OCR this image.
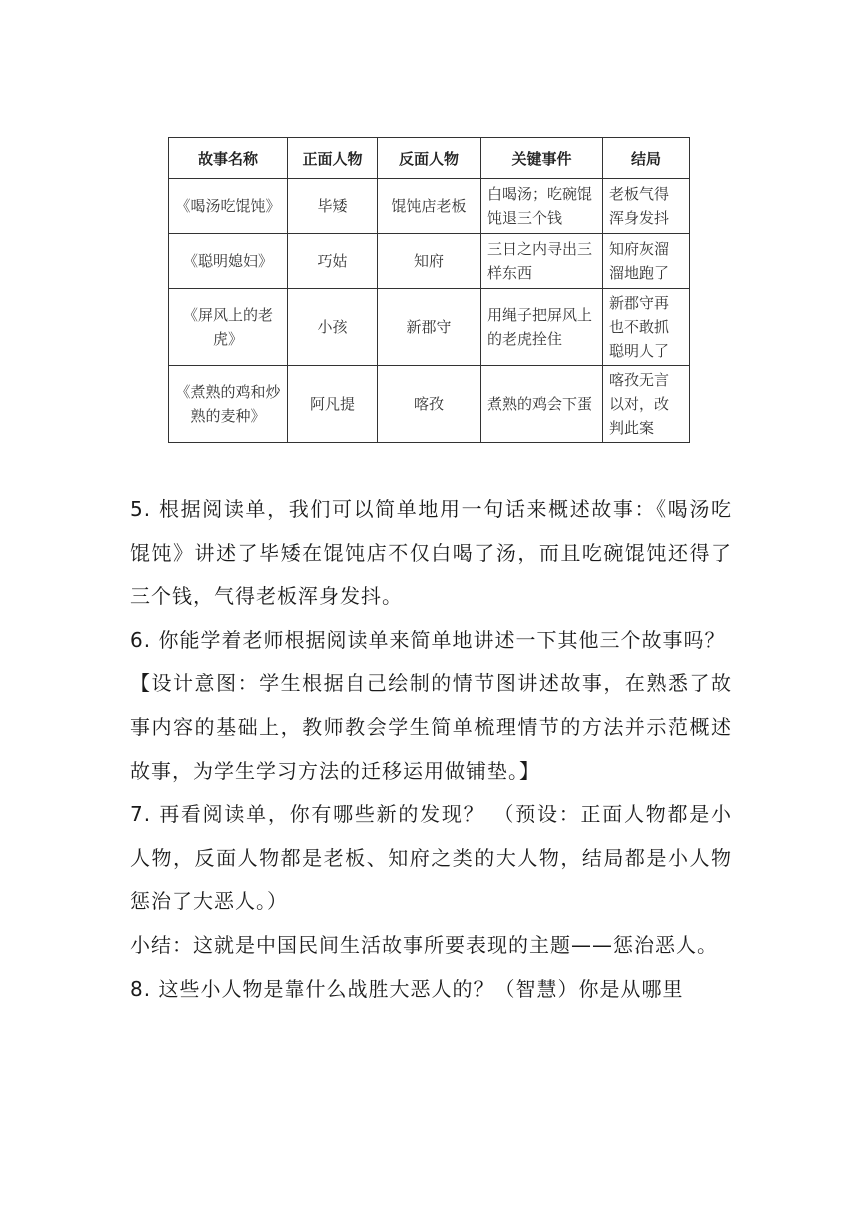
故事名称	正面人物	反面人物	关键事件	结局
《喝汤吃馄饨》	毕矮	馄饨店老板	白喝汤；吃碗馄饨退三个钱	老板气得浑身发抖
《聪明媳妇》	巧姑	知府	三日之内寻出三样东西	知府灰溜溜地跑了
《屏风上的老虎》	小孩	新郡守	用绳子把屏风上的老虎拴住	新郡守再也不敢抓聪明人了
《煮熟的鸡和炒熟的麦种》	阿凡提	喀孜	煮熟的鸡会下蛋	喀孜无言以对，改判此案

5. 根据阅读单，我们可以简单地用一句话来概述故事：《喝汤吃馄饨》讲述了毕矮在馄饨店不仅白喝了汤，而且吃碗馄饨还得了三个钱，气得老板浑身发抖。

6. 你能学着老师根据阅读单来简单地讲述一下其他三个故事吗？

【设计意图：学生根据自己绘制的情节图讲述故事，在熟悉了故事内容的基础上，教师教会学生简单梳理情节的方法并示范概述故事，为学生学习方法的迁移运用做铺垫。】

7. 再看阅读单，你有哪些新的发现？ （预设：正面人物都是小人物，反面人物都是老板、知府之类的大人物，结局都是小人物惩治了大恶人。）

小结：这就是中国民间生活故事所要表现的主题——惩治恶人。

8. 这些小人物是靠什么战胜大恶人的？（智慧）你是从哪里
